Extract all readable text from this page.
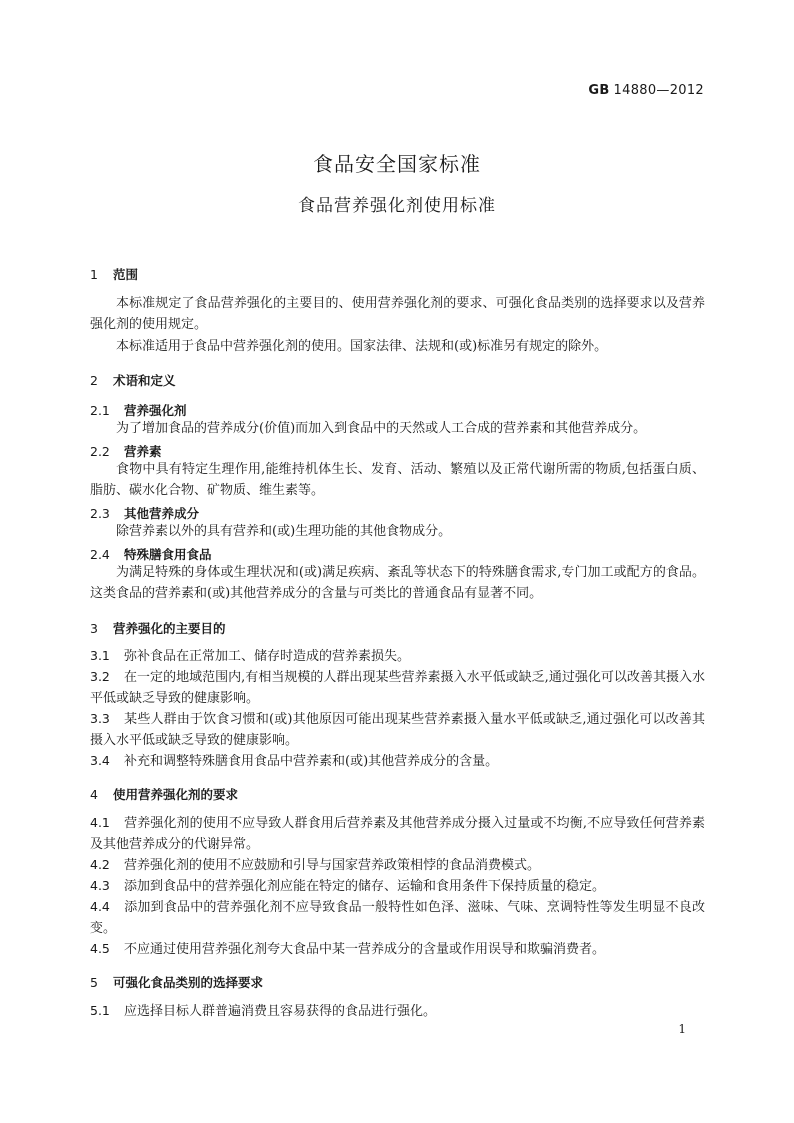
GB 14880—2012
食品安全国家标准
食品营养强化剂使用标准
1 范围
本标准规定了食品营养强化的主要目的、使用营养强化剂的要求、可强化食品类别的选择要求以及营养强化剂的使用规定。
本标准适用于食品中营养强化剂的使用。国家法律、法规和(或)标准另有规定的除外。
2 术语和定义
2.1 营养强化剂
为了增加食品的营养成分(价值)而加入到食品中的天然或人工合成的营养素和其他营养成分。
2.2 营养素
食物中具有特定生理作用,能维持机体生长、发育、活动、繁殖以及正常代谢所需的物质,包括蛋白质、脂肪、碳水化合物、矿物质、维生素等。
2.3 其他营养成分
除营养素以外的具有营养和(或)生理功能的其他食物成分。
2.4 特殊膳食用食品
为满足特殊的身体或生理状况和(或)满足疾病、紊乱等状态下的特殊膳食需求,专门加工或配方的食品。这类食品的营养素和(或)其他营养成分的含量与可类比的普通食品有显著不同。
3 营养强化的主要目的
3.1 弥补食品在正常加工、储存时造成的营养素损失。
3.2 在一定的地域范围内,有相当规模的人群出现某些营养素摄入水平低或缺乏,通过强化可以改善其摄入水平低或缺乏导致的健康影响。
3.3 某些人群由于饮食习惯和(或)其他原因可能出现某些营养素摄入量水平低或缺乏,通过强化可以改善其摄入水平低或缺乏导致的健康影响。
3.4 补充和调整特殊膳食用食品中营养素和(或)其他营养成分的含量。
4 使用营养强化剂的要求
4.1 营养强化剂的使用不应导致人群食用后营养素及其他营养成分摄入过量或不均衡,不应导致任何营养素及其他营养成分的代谢异常。
4.2 营养强化剂的使用不应鼓励和引导与国家营养政策相悖的食品消费模式。
4.3 添加到食品中的营养强化剂应能在特定的储存、运输和食用条件下保持质量的稳定。
4.4 添加到食品中的营养强化剂不应导致食品一般特性如色泽、滋味、气味、烹调特性等发生明显不良改变。
4.5 不应通过使用营养强化剂夸大食品中某一营养成分的含量或作用误导和欺骗消费者。
5 可强化食品类别的选择要求
5.1 应选择目标人群普遍消费且容易获得的食品进行强化。
1
